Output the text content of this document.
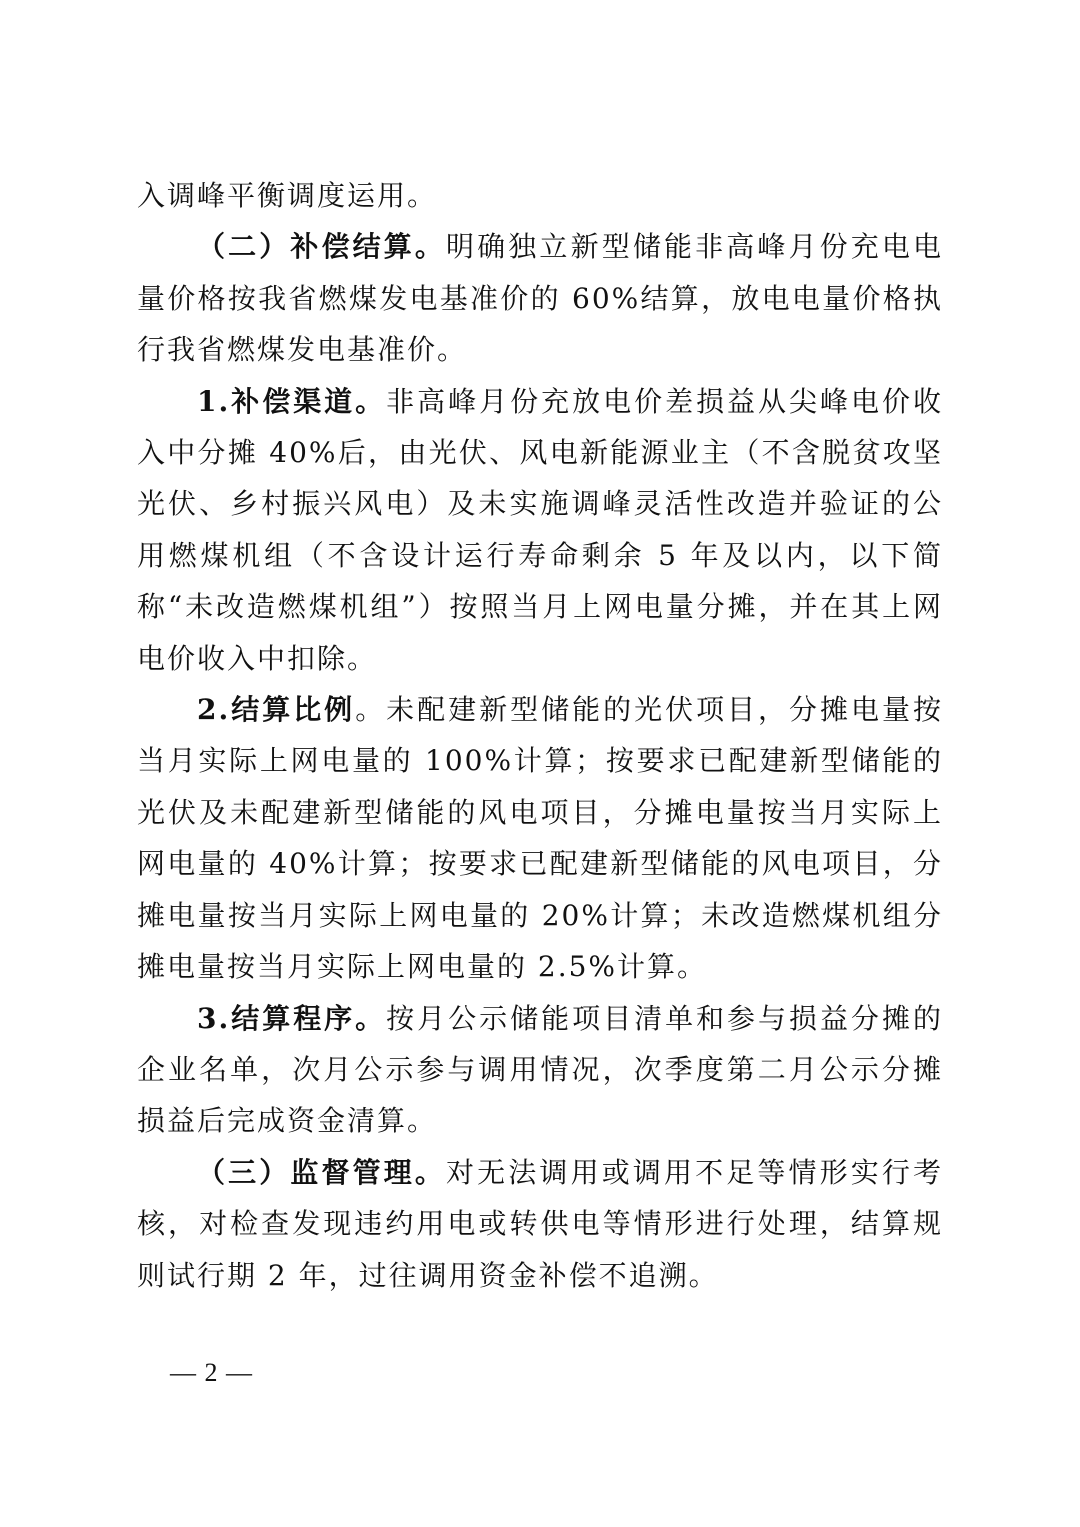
入调峰平衡调度运用。

（二）补偿结算。明确独立新型储能非高峰月份充电电量价格按我省燃煤发电基准价的 60%结算，放电电量价格执行我省燃煤发电基准价。

1.补偿渠道。非高峰月份充放电价差损益从尖峰电价收入中分摊 40%后，由光伏、风电新能源业主（不含脱贫攻坚光伏、乡村振兴风电）及未实施调峰灵活性改造并验证的公用燃煤机组（不含设计运行寿命剩余 5 年及以内，以下简称“未改造燃煤机组”）按照当月上网电量分摊，并在其上网电价收入中扣除。

2.结算比例。未配建新型储能的光伏项目，分摊电量按当月实际上网电量的 100%计算；按要求已配建新型储能的光伏及未配建新型储能的风电项目，分摊电量按当月实际上网电量的 40%计算；按要求已配建新型储能的风电项目，分摊电量按当月实际上网电量的 20%计算；未改造燃煤机组分摊电量按当月实际上网电量的 2.5%计算。

3.结算程序。按月公示储能项目清单和参与损益分摊的企业名单，次月公示参与调用情况，次季度第二月公示分摊损益后完成资金清算。

（三）监督管理。对无法调用或调用不足等情形实行考核，对检查发现违约用电或转供电等情形进行处理，结算规则试行期 2 年，过往调用资金补偿不追溯。

— 2 —
